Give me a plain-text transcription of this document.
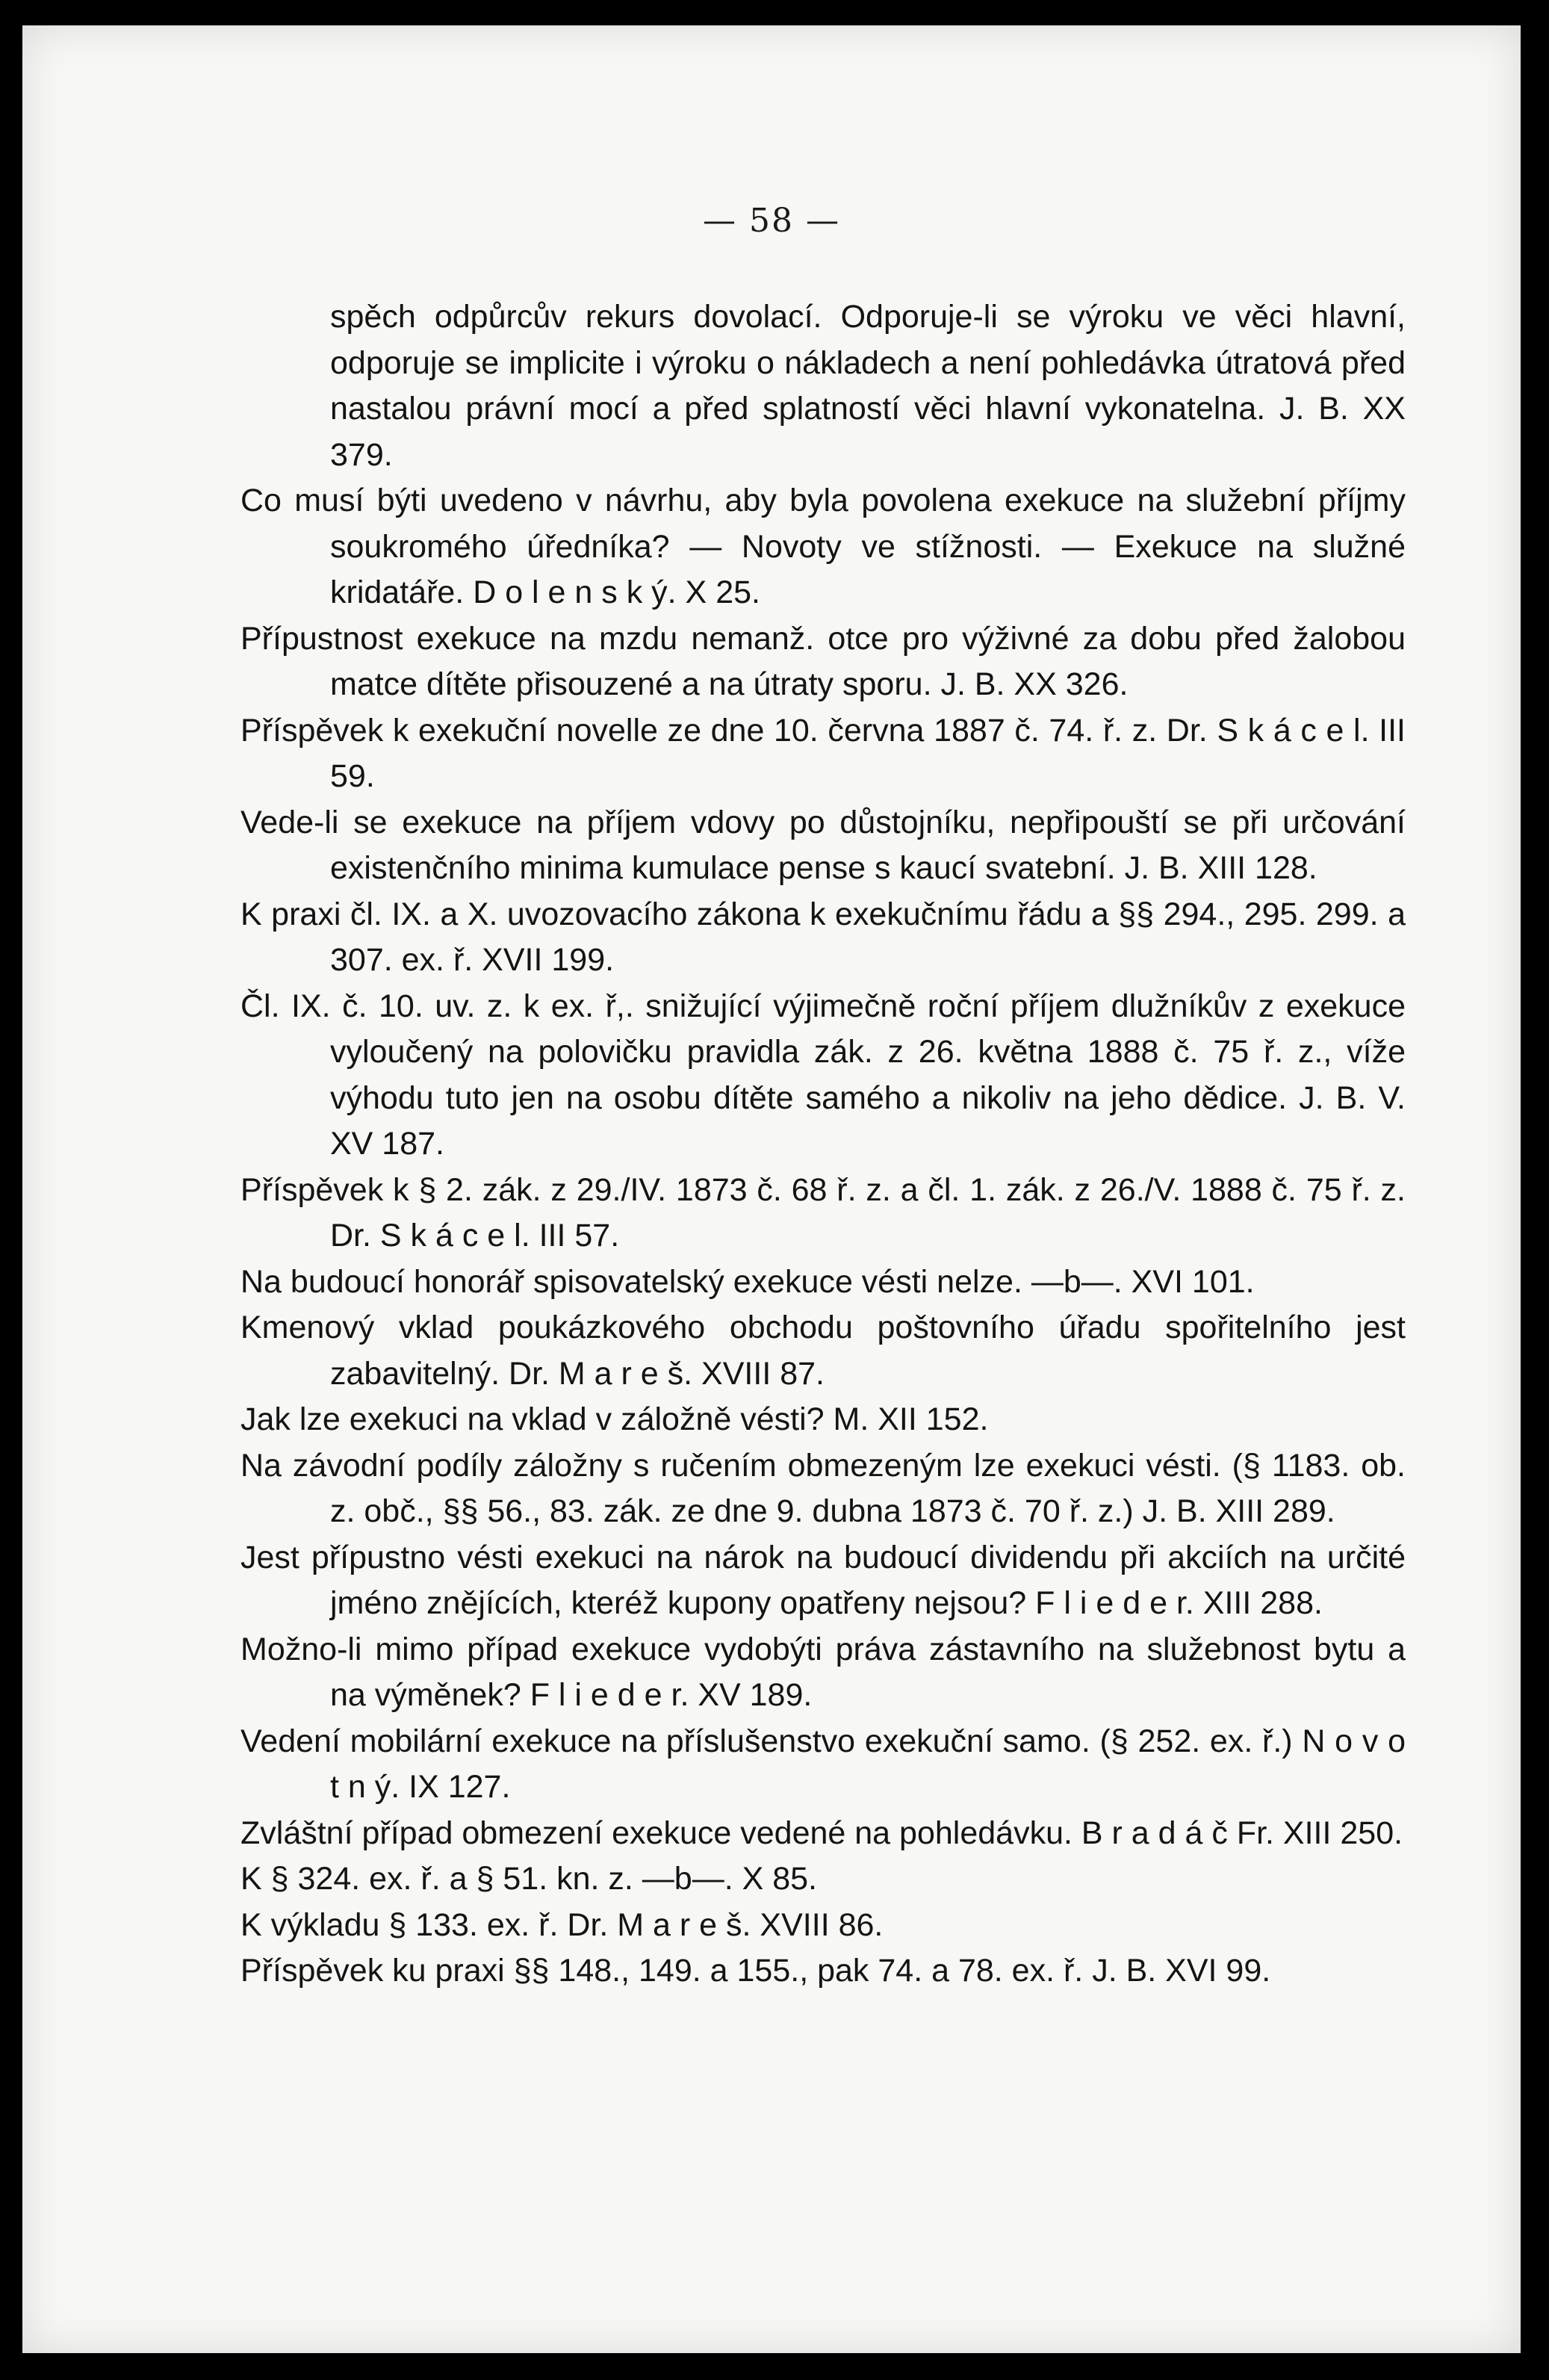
— 58 —

spěch odpůrcův rekurs dovolací. Odporuje-li se výroku ve věci hlavní, odporuje se implicite i výroku o nákladech a není pohledávka útratová před nastalou právní mocí a před splatností věci hlavní vykonatelna. J. B. XX 379.

Co musí býti uvedeno v návrhu, aby byla povolena exekuce na služební příjmy soukromého úředníka? — Novoty ve stížnosti. — Exekuce na služné kridatáře. D o l e n s k ý. X 25.

Přípustnost exekuce na mzdu nemanž. otce pro výživné za dobu před žalobou matce dítěte přisouzené a na útraty sporu. J. B. XX 326.

Příspěvek k exekuční novelle ze dne 10. června 1887 č. 74. ř. z. Dr. S k á c e l. III 59.

Vede-li se exekuce na příjem vdovy po důstojníku, nepřipouští se při určování existenčního minima kumulace pense s kaucí svatební. J. B. XIII 128.

K praxi čl. IX. a X. uvozovacího zákona k exekučnímu řádu a §§ 294., 295. 299. a 307. ex. ř. XVII 199.

Čl. IX. č. 10. uv. z. k ex. ř,. snižující výjimečně roční příjem dlužníkův z exekuce vyloučený na polovičku pravidla zák. z 26. května 1888 č. 75 ř. z., víže výhodu tuto jen na osobu dítěte samého a nikoliv na jeho dědice. J. B. V. XV 187.

Příspěvek k § 2. zák. z 29./IV. 1873 č. 68 ř. z. a čl. 1. zák. z 26./V. 1888 č. 75 ř. z. Dr. S k á c e l. III 57.

Na budoucí honorář spisovatelský exekuce vésti nelze. —b—. XVI 101.

Kmenový vklad poukázkového obchodu poštovního úřadu spořitelního jest zabavitelný. Dr. M a r e š. XVIII 87.

Jak lze exekuci na vklad v záložně vésti? M. XII 152.

Na závodní podíly záložny s ručením obmezeným lze exekuci vésti. (§ 1183. ob. z. obč., §§ 56., 83. zák. ze dne 9. dubna 1873 č. 70 ř. z.) J. B. XIII 289.

Jest přípustno vésti exekuci na nárok na budoucí dividendu při akciích na určité jméno znějících, kteréž kupony opatřeny nejsou? F l i e d e r. XIII 288.

Možno-li mimo případ exekuce vydobýti práva zástavního na služebnost bytu a na výměnek? F l i e d e r. XV 189.

Vedení mobilární exekuce na příslušenstvo exekuční samo. (§ 252. ex. ř.) N o v o t n ý. IX 127.

Zvláštní případ obmezení exekuce vedené na pohledávku. B r a d á č Fr. XIII 250.

K § 324. ex. ř. a § 51. kn. z. —b—. X 85.

K výkladu § 133. ex. ř. Dr. M a r e š. XVIII 86.

Příspěvek ku praxi §§ 148., 149. a 155., pak 74. a 78. ex. ř. J. B. XVI 99.
